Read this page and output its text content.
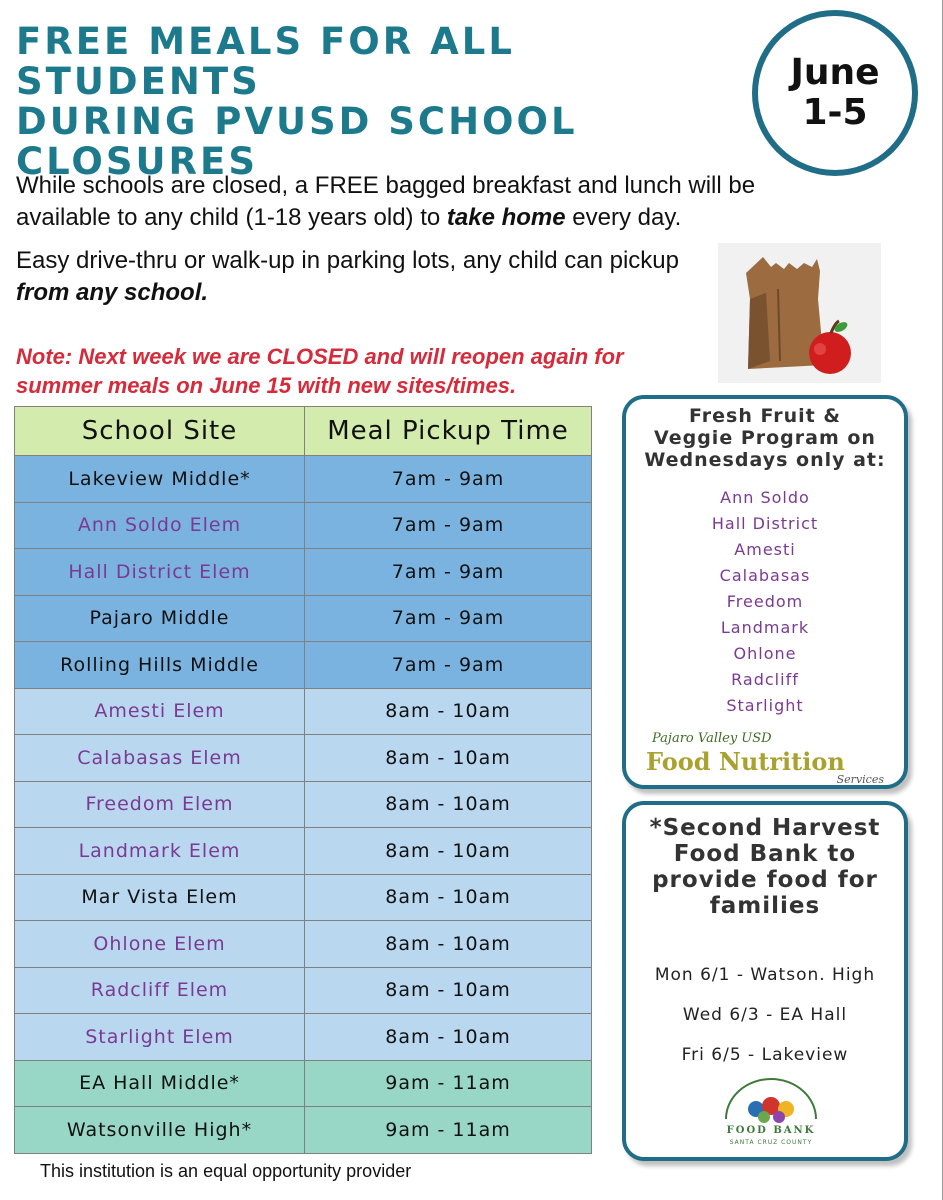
FREE MEALS FOR ALL STUDENTS
DURING PVUSD SCHOOL
CLOSURES
June
1-5

While schools are closed, a FREE bagged breakfast and lunch will be available to any child (1-18 years old) to take home every day.

Easy drive-thru or walk-up in parking lots, any child can pickup from any school.

Note: Next week we are CLOSED and will reopen again for summer meals on June 15 with new sites/times.

School Site	Meal Pickup Time
Lakeview Middle*	7am - 9am
Ann Soldo Elem	7am - 9am
Hall District Elem	7am - 9am
Pajaro Middle	7am - 9am
Rolling Hills Middle	7am - 9am
Amesti Elem	8am - 10am
Calabasas Elem	8am - 10am
Freedom Elem	8am - 10am
Landmark Elem	8am - 10am
Mar Vista Elem	8am - 10am
Ohlone Elem	8am - 10am
Radcliff Elem	8am - 10am
Starlight Elem	8am - 10am
EA Hall Middle*	9am - 11am
Watsonville High*	9am - 11am

This institution is an equal opportunity provider

Fresh Fruit &
Veggie Program on
Wednesdays only at:

Ann Soldo
Hall District
Amesti
Calabasas
Freedom
Landmark
Ohlone
Radcliff
Starlight
Pajaro Valley USD
Food Nutrition
Services

*Second Harvest
Food Bank to
provide food for
families

Mon 6/1 - Watson. High
Wed 6/3 - EA Hall
Fri 6/5 - Lakeview
FOOD BANK
SANTA CRUZ COUNTY
